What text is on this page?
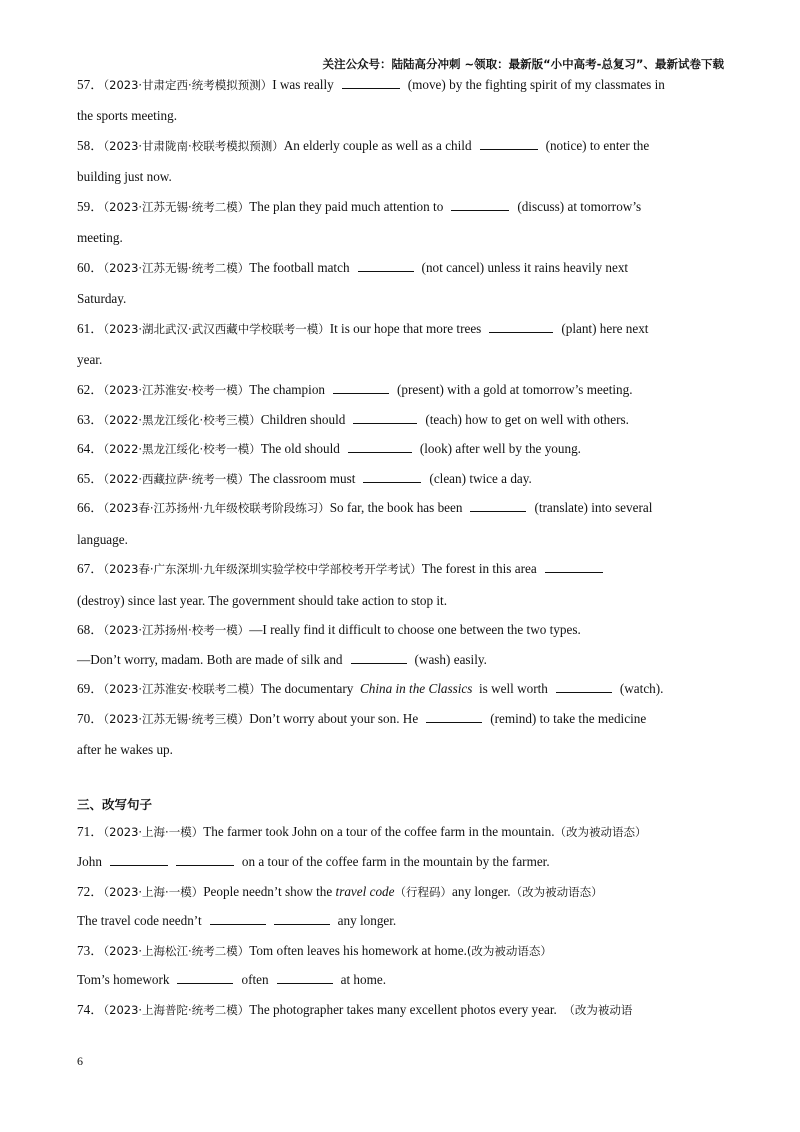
关注公众号：陆陆高分冲刺 ~领取：最新版“小中高考-总复习”、最新试卷下载
57．（2023·甘肃定西·统考模拟预测）I was really	(move) by the fighting spirit of my classmates in
the sports meeting.
58．（2023·甘肃陇南·校联考模拟预测）An elderly couple as well as a child	(notice) to enter the
building just now.
59．（2023·江苏无锡·统考二模）The plan they paid much attention to	(discuss) at tomorrow’s
meeting.
60．（2023·江苏无锡·统考二模）The football match	(not cancel) unless it rains heavily next
Saturday.
61．（2023·湖北武汉·武汉西藏中学校联考一模）It is our hope that more trees	(plant) here next
year.
62．（2023·江苏淮安·校考一模）The champion	(present) with a gold at tomorrow’s meeting.
63．（2022·黑龙江绥化·校考三模）Children should	(teach) how to get on well with others.
64．（2022·黑龙江绥化·校考一模）The old should	(look) after well by the young.
65．（2022·西藏拉萨·统考一模）The classroom must	(clean) twice a day.
66．（2023春·江苏扬州·九年级校联考阶段练习）So far, the book has been	(translate) into several
language.
67．（2023春·广东深圳·九年级深圳实验学校中学部校考开学考试）The forest in this area
(destroy) since last year. The government should take action to stop it.
68．（2023·江苏扬州·校考一模）—I really find it difficult to choose one between the two types.
—Don’t worry, madam. Both are made of silk and	(wash) easily.
69．（2023·江苏淮安·校联考二模）The documentary China in the Classics is well worth	(watch).
70．（2023·江苏无锡·统考三模）Don’t worry about your son. He	(remind) to take the medicine
after he wakes up.
三、改写句子
71．（2023·上海·一模）The farmer took John on a tour of the coffee farm in the mountain.（改为被动语态）
John	on a tour of the coffee farm in the mountain by the farmer.
72．（2023·上海·一模）People needn’t show the travel code（行程码）any longer.（改为被动语态）
The travel code needn’t	any longer.
73．（2023·上海松江·统考二模）Tom often leaves his homework at home.(改为被动语态）
Tom’s homework	often	at home.
74．（2023·上海普陀·统考二模）The photographer takes many excellent photos every year. （改为被动语
6
